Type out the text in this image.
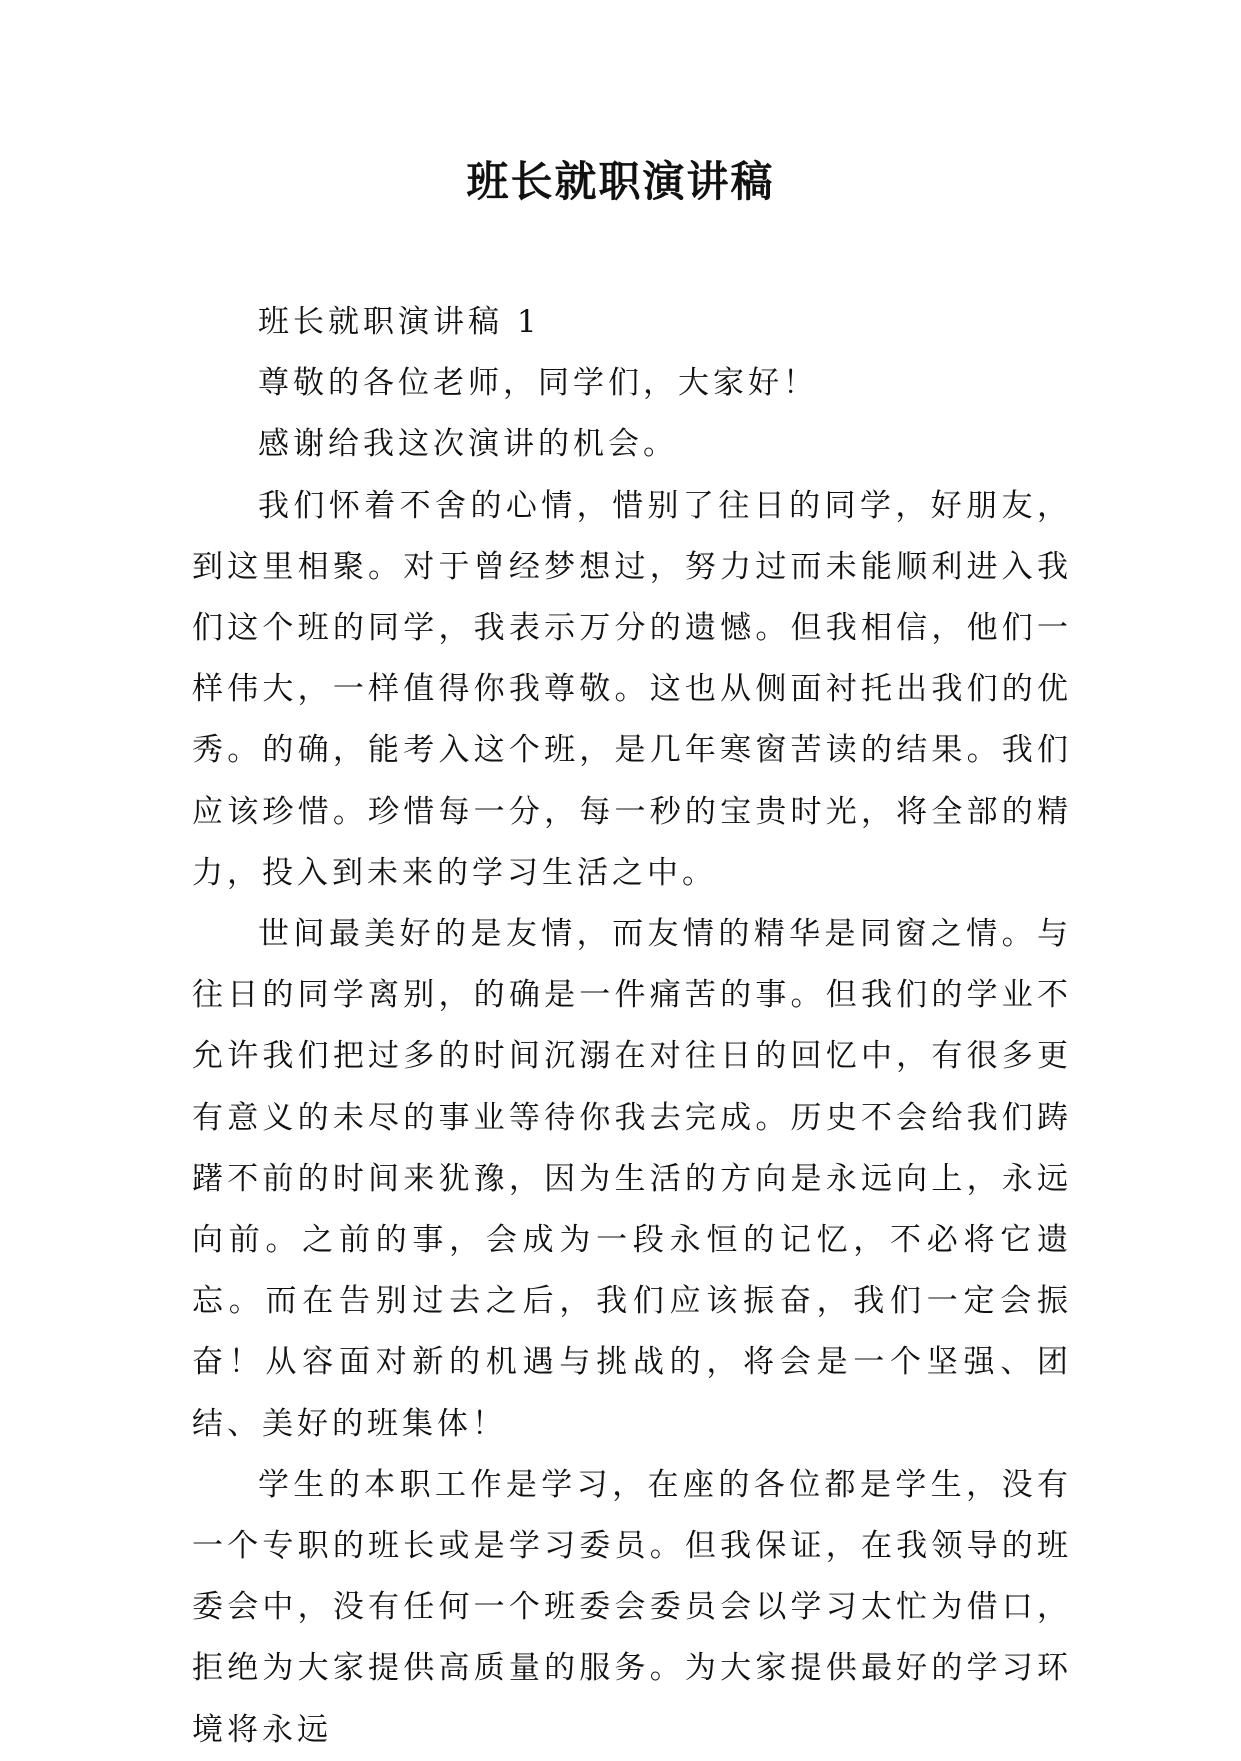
班长就职演讲稿

班长就职演讲稿 1

尊敬的各位老师，同学们，大家好！

感谢给我这次演讲的机会。

我们怀着不舍的心情，惜别了往日的同学，好朋友，到这里相聚。对于曾经梦想过，努力过而未能顺利进入我们这个班的同学，我表示万分的遗憾。但我相信，他们一样伟大，一样值得你我尊敬。这也从侧面衬托出我们的优秀。的确，能考入这个班，是几年寒窗苦读的结果。我们应该珍惜。珍惜每一分，每一秒的宝贵时光，将全部的精力，投入到未来的学习生活之中。

世间最美好的是友情，而友情的精华是同窗之情。与往日的同学离别，的确是一件痛苦的事。但我们的学业不允许我们把过多的时间沉溺在对往日的回忆中，有很多更有意义的未尽的事业等待你我去完成。历史不会给我们踌躇不前的时间来犹豫，因为生活的方向是永远向上，永远向前。之前的事，会成为一段永恒的记忆，不必将它遗忘。而在告别过去之后，我们应该振奋，我们一定会振奋！从容面对新的机遇与挑战的，将会是一个坚强、团结、美好的班集体！

学生的本职工作是学习，在座的各位都是学生，没有一个专职的班长或是学习委员。但我保证，在我领导的班委会中，没有任何一个班委会委员会以学习太忙为借口，拒绝为大家提供高质量的服务。为大家提供最好的学习环境将永远
